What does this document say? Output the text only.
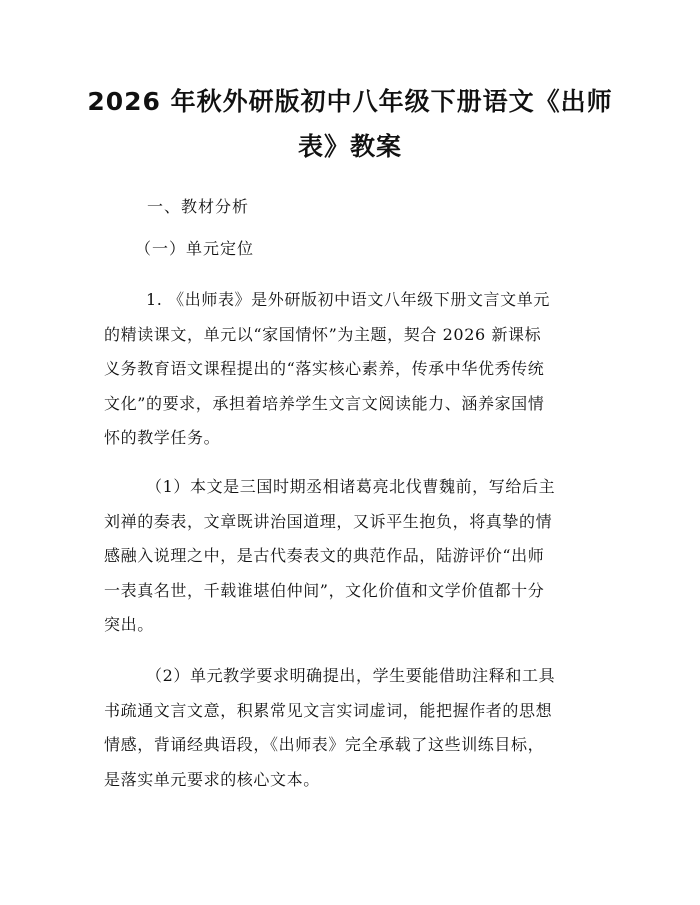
2026 年秋外研版初中八年级下册语文《出师
表》教案
一、教材分析
（一）单元定位
1. 《出师表》是外研版初中语文八年级下册文言文单元
的精读课文，单元以“家国情怀”为主题，契合 2026 新课标
义务教育语文课程提出的“落实核心素养，传承中华优秀传统
文化”的要求，承担着培养学生文言文阅读能力、涵养家国情
怀的教学任务。
（1）本文是三国时期丞相诸葛亮北伐曹魏前，写给后主
刘禅的奏表，文章既讲治国道理，又诉平生抱负，将真挚的情
感融入说理之中，是古代奏表文的典范作品，陆游评价“出师
一表真名世，千载谁堪伯仲间”，文化价值和文学价值都十分
突出。
（2）单元教学要求明确提出，学生要能借助注释和工具
书疏通文言文意，积累常见文言实词虚词，能把握作者的思想
情感，背诵经典语段，《出师表》完全承载了这些训练目标，
是落实单元要求的核心文本。
